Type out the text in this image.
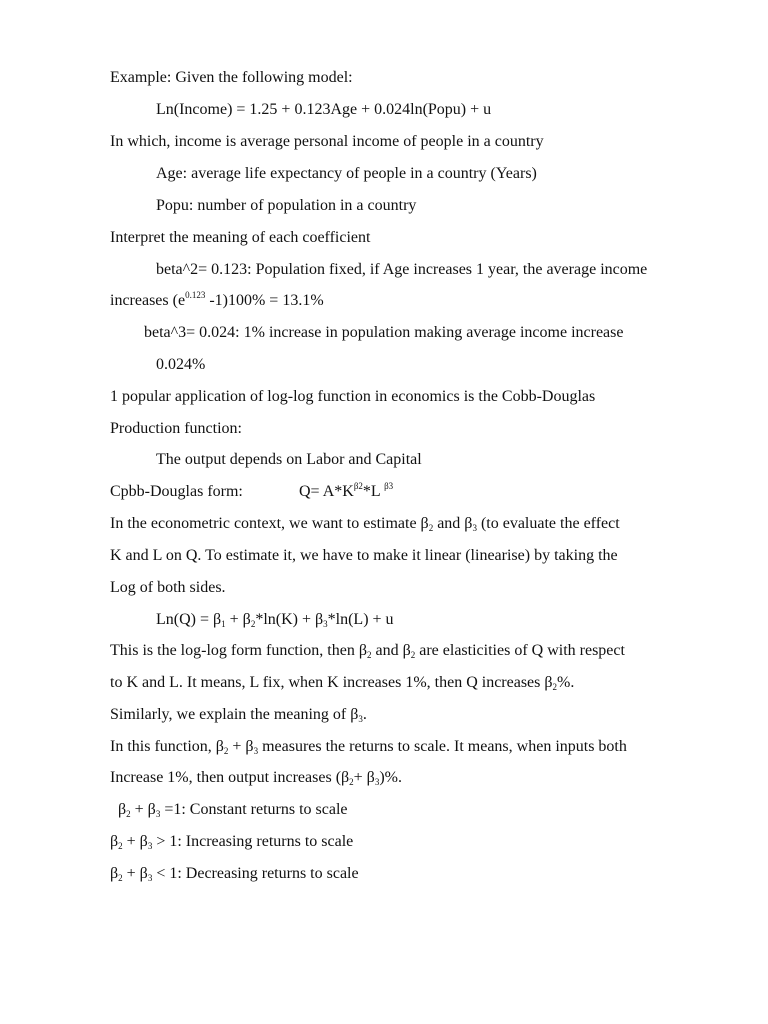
Example: Given the following model:
Ln(Income) = 1.25 + 0.123Age + 0.024ln(Popu) + u
In which, income is average personal income of people in a country
Age: average life expectancy of people in a country (Years)
Popu: number of population in a country
Interpret the meaning of each coefficient
beta^2= 0.123: Population fixed, if Age increases 1 year, the average income
increases ($e^{0.123}$ -1)100% = 13.1%
beta^3= 0.024: 1% increase in population making average income increase
0.024%
1 popular application of log-log function in economics is the Cobb-Douglas
Production function:
The output depends on Labor and Capital
Cpbb-Douglas form:	$Q= A*K^{\beta 2}*L$ $^{\beta 3}$
In the econometric context, we want to estimate $\beta_2$ and $\beta_3$ (to evaluate the effect
K and L on Q. To estimate it, we have to make it linear (linearise) by taking the
Log of both sides.
$Ln(Q) = \beta_1 + \beta_2*\ln(K) + \beta_3*\ln(L) + u$
This is the log-log form function, then $\beta_2$ and $\beta_2$ are elasticities of Q with respect
to K and L. It means, L fix, when K increases 1%, then Q increases $\beta_2\%$.
Similarly, we explain the meaning of $\beta_3$.
In this function, $\beta_2 + \beta_3$ measures the returns to scale. It means, when inputs both
Increase 1%, then output increases $(\beta_2+ \beta_3)\%$.
$\beta_2 + \beta_3 =1$: Constant returns to scale
$\beta_2 + \beta_3 > 1$: Increasing returns to scale
$\beta_2 + \beta_3 < 1$: Decreasing returns to scale
